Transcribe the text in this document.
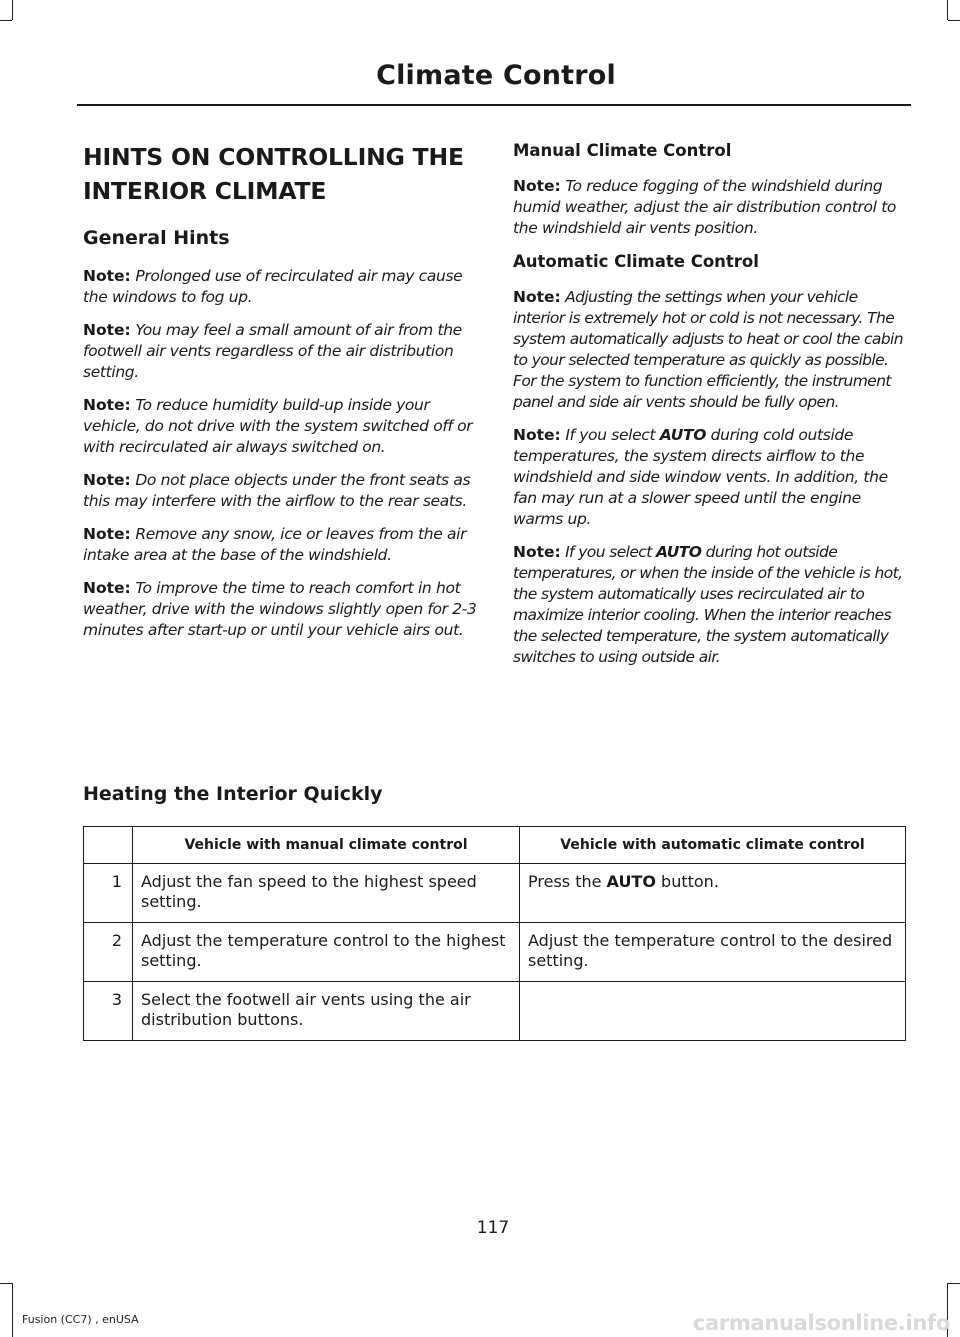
Climate Control
HINTS ON CONTROLLING THE
INTERIOR CLIMATE
General Hints

Note: Prolonged use of recirculated air may cause the windows to fog up.

Note: You may feel a small amount of air from the footwell air vents regardless of the air distribution setting.

Note: To reduce humidity build-up inside your vehicle, do not drive with the system switched off or with recirculated air always switched on.

Note: Do not place objects under the front seats as this may interfere with the airflow to the rear seats.

Note: Remove any snow, ice or leaves from the air intake area at the base of the windshield.

Note: To improve the time to reach comfort in hot weather, drive with the windows slightly open for 2-3 minutes after start-up or until your vehicle airs out.

Manual Climate Control

Note: To reduce fogging of the windshield during humid weather, adjust the air distribution control to the windshield air vents position.

Automatic Climate Control

Note: Adjusting the settings when your vehicle interior is extremely hot or cold is not necessary. The system automatically adjusts to heat or cool the cabin to your selected temperature as quickly as possible. For the system to function efficiently, the instrument panel and side air vents should be fully open.

Note: If you select AUTO during cold outside temperatures, the system directs airflow to the windshield and side window vents. In addition, the fan may run at a slower speed until the engine warms up.

Note: If you select AUTO during hot outside temperatures, or when the inside of the vehicle is hot, the system automatically uses recirculated air to maximize interior cooling. When the interior reaches the selected temperature, the system automatically switches to using outside air.

Heating the Interior Quickly
	Vehicle with manual climate control	Vehicle with automatic climate control
1	Adjust the fan speed to the highest speed setting.	Press the AUTO button.
2	Adjust the temperature control to the highest setting.	Adjust the temperature control to the desired setting.
3	Select the footwell air vents using the air distribution buttons.	
117
Fusion (CC7) , enUSA	carmanualsonline.info
